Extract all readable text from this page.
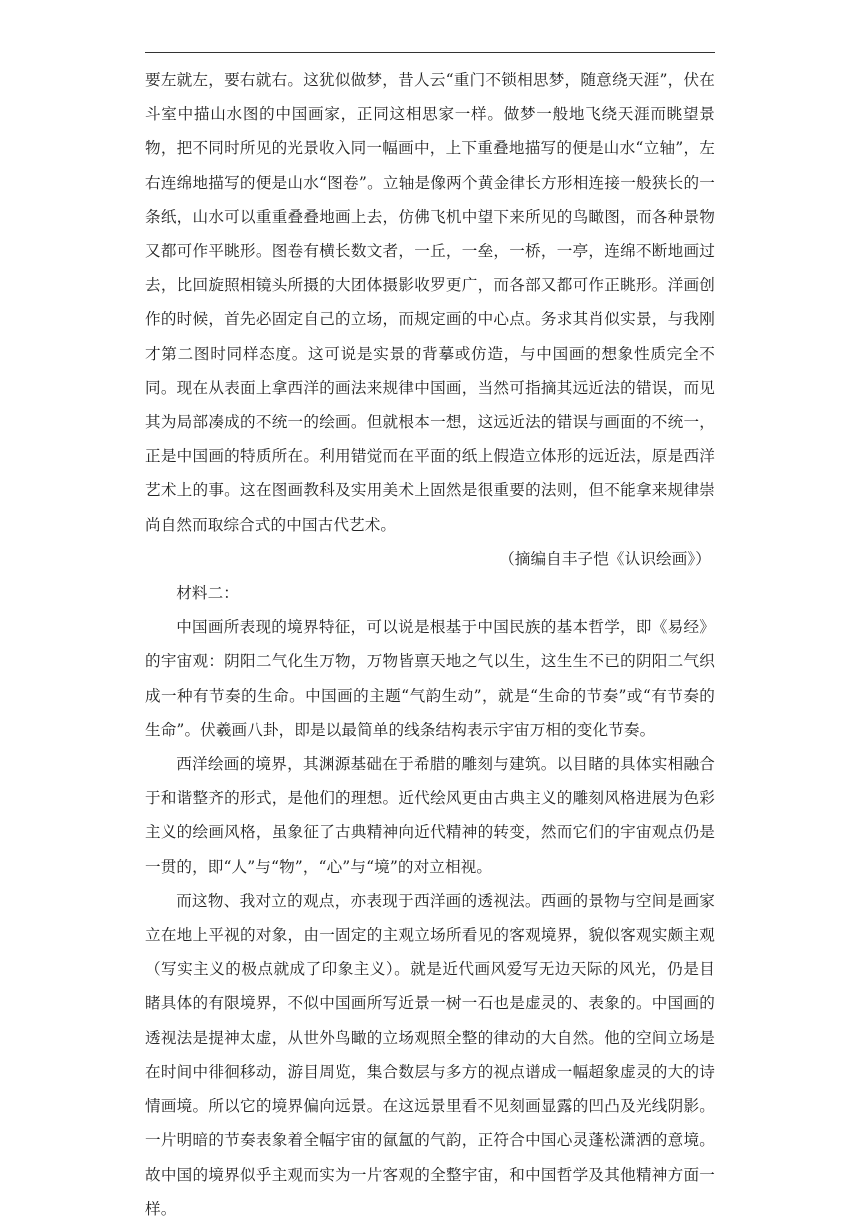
要左就左，要右就右。这犹似做梦，昔人云“重门不锁相思梦，随意绕天涯”，伏在斗室中描山水图的中国画家，正同这相思家一样。做梦一般地飞绕天涯而眺望景物，把不同时所见的光景收入同一幅画中，上下重叠地描写的便是山水“立轴”，左右连绵地描写的便是山水“图卷”。立轴是像两个黄金律长方形相连接一般狭长的一条纸，山水可以重重叠叠地画上去，仿佛飞机中望下来所见的鸟瞰图，而各种景物又都可作平眺形。图卷有横长数文者，一丘，一垒，一桥，一亭，连绵不断地画过去，比回旋照相镜头所摄的大团体摄影收罗更广，而各部又都可作正眺形。洋画创作的时候，首先必固定自己的立场，而规定画的中心点。务求其肖似实景，与我刚才第二图时同样态度。这可说是实景的背摹或仿造，与中国画的想象性质完全不同。现在从表面上拿西洋的画法来规律中国画，当然可指摘其远近法的错误，而见其为局部凑成的不统一的绘画。但就根本一想，这远近法的错误与画面的不统一，正是中国画的特质所在。利用错觉而在平面的纸上假造立体形的远近法，原是西洋艺术上的事。这在图画教科及实用美术上固然是很重要的法则，但不能拿来规律崇尚自然而取综合式的中国古代艺术。

（摘编自丰子恺《认识绘画》）

材料二：

中国画所表现的境界特征，可以说是根基于中国民族的基本哲学，即《易经》的宇宙观：阴阳二气化生万物，万物皆禀天地之气以生，这生生不已的阴阳二气织成一种有节奏的生命。中国画的主题“气韵生动”，就是“生命的节奏”或“有节奏的生命”。伏羲画八卦，即是以最简单的线条结构表示宇宙万相的变化节奏。

西洋绘画的境界，其渊源基础在于希腊的雕刻与建筑。以目睹的具体实相融合于和谐整齐的形式，是他们的理想。近代绘风更由古典主义的雕刻风格进展为色彩主义的绘画风格，虽象征了古典精神向近代精神的转变，然而它们的宇宙观点仍是一贯的，即“人”与“物”，“心”与“境”的对立相视。

而这物、我对立的观点，亦表现于西洋画的透视法。西画的景物与空间是画家立在地上平视的对象，由一固定的主观立场所看见的客观境界，貌似客观实颇主观（写实主义的极点就成了印象主义）。就是近代画风爱写无边天际的风光，仍是目睹具体的有限境界，不似中国画所写近景一树一石也是虚灵的、表象的。中国画的透视法是提神太虚，从世外鸟瞰的立场观照全整的律动的大自然。他的空间立场是在时间中徘徊移动，游目周览，集合数层与多方的视点谱成一幅超象虚灵的大的诗情画境。所以它的境界偏向远景。在这远景里看不见刻画显露的凹凸及光线阴影。一片明暗的节奏表象着全幅宇宙的氤氲的气韵，正符合中国心灵蓬松潇洒的意境。故中国的境界似乎主观而实为一片客观的全整宇宙，和中国哲学及其他精神方面一样。
